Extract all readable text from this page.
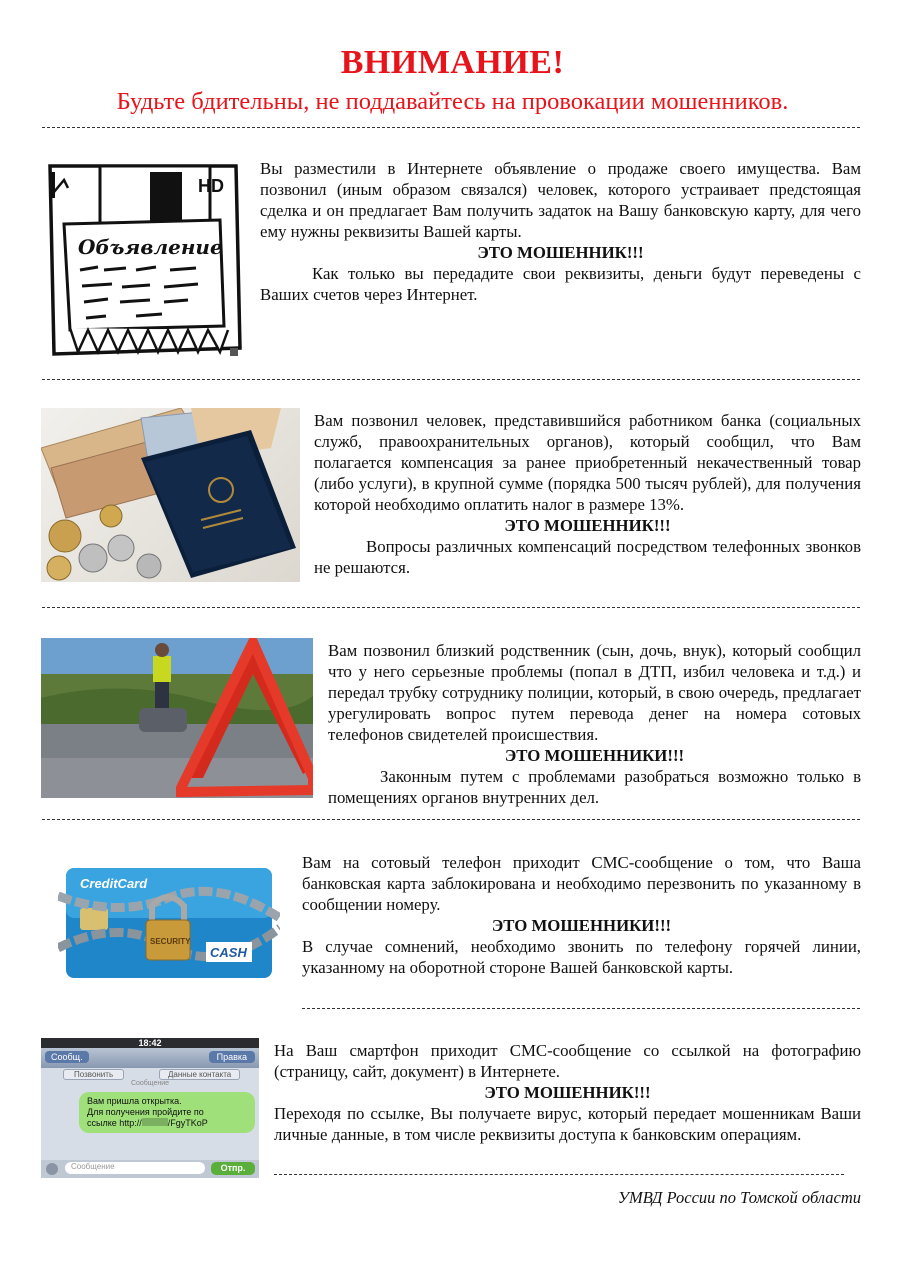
ВНИМАНИЕ!
Будьте бдительны, не поддавайтесь на провокации мошенников.
HD
Объявление

Вы разместили в Интернете объявление о продаже своего имущества. Вам позвонил (иным образом связался) человек, которого устраивает предстоящая сделка и он предлагает Вам получить задаток на Вашу банковскую карту, для чего ему нужны реквизиты Вашей карты.

ЭТО МОШЕННИК!!!

Как только вы передадите свои реквизиты, деньги будут переведены с Ваших счетов через Интернет.

Вам позвонил человек, представившийся работником банка (социальных служб, правоохранительных органов), который сообщил, что Вам полагается компенсация за ранее приобретенный некачественный товар (либо услуги), в крупной сумме (порядка 500 тысяч рублей), для получения которой необходимо оплатить налог в размере 13%.

ЭТО МОШЕННИК!!!

Вопросы различных компенсаций посредством телефонных звонков не решаются.

Вам позвонил близкий родственник (сын, дочь, внук), который сообщил что у него серьезные проблемы (попал в ДТП, избил человека и т.д.) и передал трубку сотруднику полиции, который, в свою очередь, предлагает урегулировать вопрос путем перевода денег на номера сотовых телефонов свидетелей происшествия.

ЭТО МОШЕННИКИ!!!

Законным путем с проблемами разобраться возможно только в помещениях органов внутренних дел.

CreditCard
SECURITY
CASH

Вам на сотовый телефон приходит СМС-сообщение о том, что Ваша банковская карта заблокирована и необходимо перезвонить по указанному в сообщении номеру.

ЭТО МОШЕННИКИ!!!

В случае сомнений, необходимо звонить по телефону горячей линии, указанному на оборотной стороне Вашей банковской карты.

18:42
Сообщ.	Правка
Позвонить	Данные контакта
Сообщение
Вам пришла открытка.
Для получения пройдите по
ссылке http://	/FgyTKoP
Сообщение	Отпр.

На Ваш смартфон приходит СМС-сообщение со ссылкой на фотографию (страницу, сайт, документ) в Интернете.

ЭТО МОШЕННИК!!!

Переходя по ссылке, Вы получаете вирус, который передает мошенникам Ваши личные данные, в том числе реквизиты доступа к банковским операциям.

УМВД России по Томской области
